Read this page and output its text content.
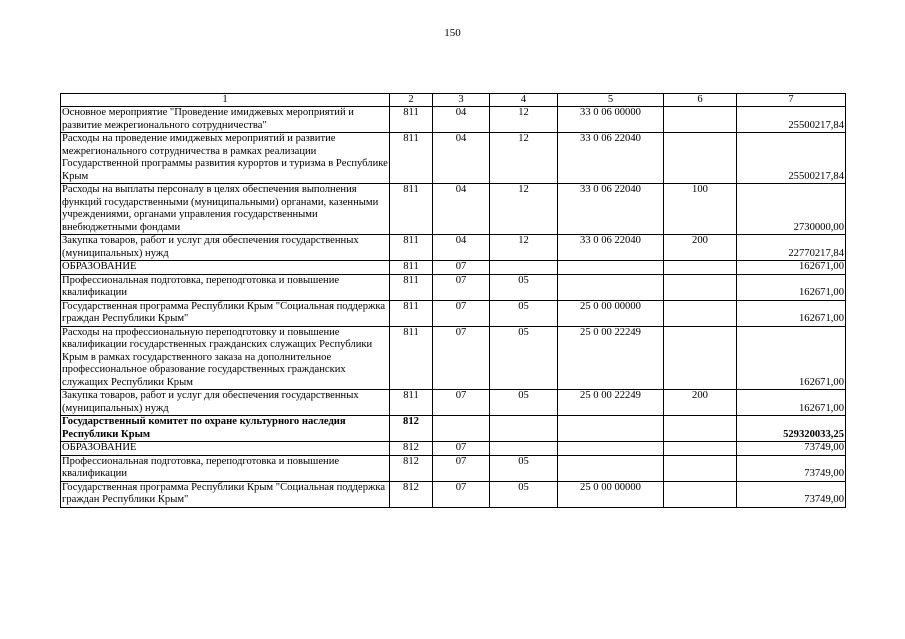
150
1	2	3	4	5	6	7
Основное мероприятие "Проведение имиджевых мероприятий и развитие межрегионального сотрудничества"	811	04	12	33 0 06 00000		25500217,84
Расходы на проведение имиджевых мероприятий и развитие межрегионального сотрудничества в рамках реализации Государственной программы развития курортов и туризма в Республике Крым	811	04	12	33 0 06 22040		25500217,84
Расходы на выплаты персоналу в целях обеспечения выполнения функций государственными (муниципальными) органами, казенными учреждениями, органами управления государственными внебюджетными фондами	811	04	12	33 0 06 22040	100	2730000,00
Закупка товаров, работ и услуг для обеспечения государственных (муниципальных) нужд	811	04	12	33 0 06 22040	200	22770217,84
ОБРАЗОВАНИЕ	811	07				162671,00
Профессиональная подготовка, переподготовка и повышение квалификации	811	07	05			162671,00
Государственная программа Республики Крым "Социальная поддержка граждан Республики Крым"	811	07	05	25 0 00 00000		162671,00
Расходы на профессиональную переподготовку и повышение квалификации государственных гражданских служащих Республики Крым в рамках государственного заказа на дополнительное профессиональное образование государственных гражданских служащих Республики Крым	811	07	05	25 0 00 22249		162671,00
Закупка товаров, работ и услуг для обеспечения государственных (муниципальных) нужд	811	07	05	25 0 00 22249	200	162671,00
Государственный комитет по охране культурного наследия Республики Крым	812					529320033,25
ОБРАЗОВАНИЕ	812	07				73749,00
Профессиональная подготовка, переподготовка и повышение квалификации	812	07	05			73749,00
Государственная программа Республики Крым "Социальная поддержка граждан Республики Крым"	812	07	05	25 0 00 00000		73749,00
